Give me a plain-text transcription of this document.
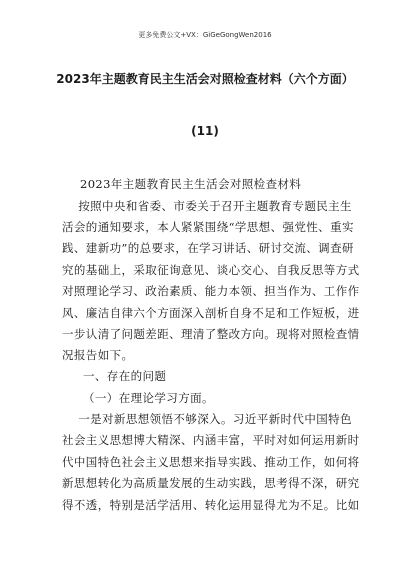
更多免费公文+VX：GiGeGongWen2016
2023年主题教育民主生活会对照检查材料（六个方面）
(11)

2023年主题教育民主生活会对照检查材料

按照中央和省委、市委关于召开主题教育专题民主生
活会的通知要求，本人紧紧围绕“学思想、强党性、重实
践、建新功”的总要求，在学习讲话、研讨交流、调查研
究的基础上，采取征询意见、谈心交心、自我反思等方式
对照理论学习、政治素质、能力本领、担当作为、工作作
风、廉洁自律六个方面深入剖析自身不足和工作短板，进
一步认清了问题差距、理清了整改方向。现将对照检查情
况报告如下。

一、存在的问题

（一）在理论学习方面。

一是对新思想领悟不够深入。习近平新时代中国特色
社会主义思想博大精深、内涵丰富，平时对如何运用新时
代中国特色社会主义思想来指导实践、推动工作，如何将
新思想转化为高质量发展的生动实践，思考得不深，研究
得不透，特别是活学活用、转化运用显得尤为不足。比如
